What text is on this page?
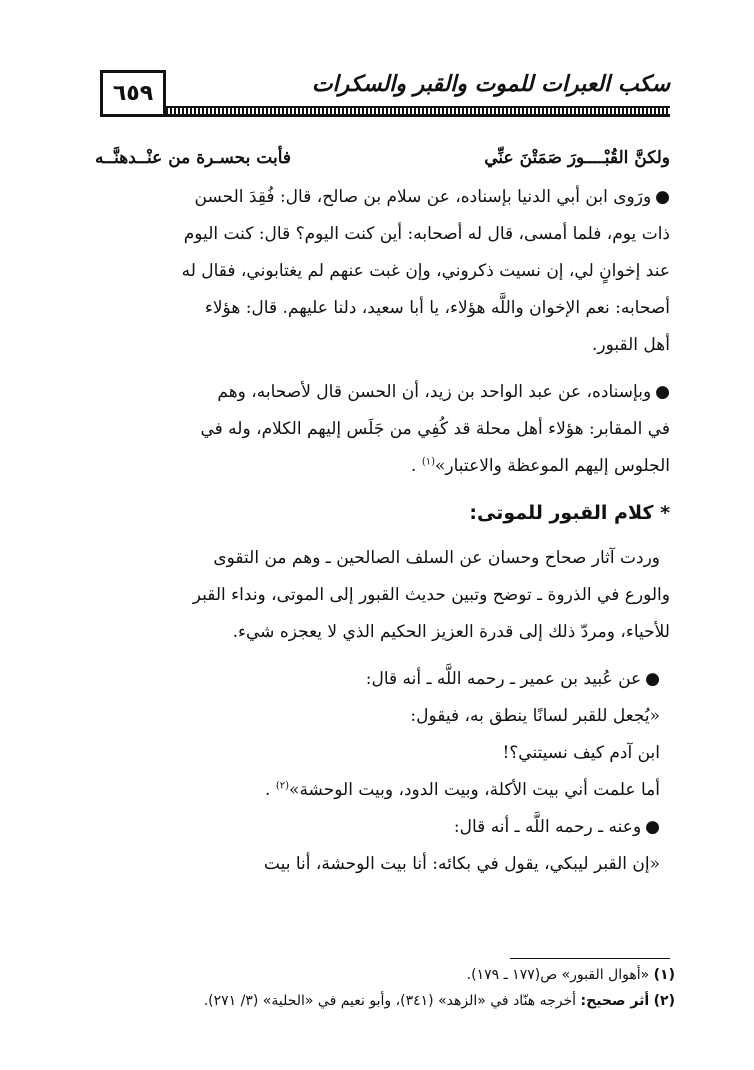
٦٥٩	سكب العبرات للموت والقبر والسكرات
ولكنَّ القُبْــــورَ صَمَتْنَ عنِّي
فأبت بحسـرة من عنْــدهنَّــه
●ورَوى ابن أبي الدنيا بإسناده، عن سلام بن صالح، قال: فُقِدَ الحسن
ذات يوم، فلما أمسى، قال له أصحابه: أين كنت اليوم؟ قال: كنت اليوم
عند إخوانٍ لي، إن نسيت ذكروني، وإن غبت عنهم لم يغتابوني، فقال له
أصحابه: نعم الإخوان واللَّه هؤلاء، يا أبا سعيد، دلنا عليهم. قال: هؤلاء
أهل القبور.
●وبإسناده، عن عبد الواحد بن زيد، أن الحسن قال لأصحابه، وهم
في المقابر: هؤلاء أهل محلة قد كُفِي من جَلَس إليهم الكلام، وله في
الجلوس إليهم الموعظة والاعتبار»$^{(١)}$ .
* كلام القبور للموتى:
وردت آثار صحاح وحسان عن السلف الصالحين ـ وهم من التقوى
والورع في الذروة ـ توضح وتبين حديث القبور إلى الموتى، ونداء القبر
للأحياء، ومردّ ذلك إلى قدرة العزيز الحكيم الذي لا يعجزه شيء.
●عن عُبيد بن عمير ـ رحمه اللَّه ـ أنه قال:
«يُجعل للقبر لسانًا ينطق به، فيقول:
ابن آدم كيف نسيتني؟!
أما علمت أني بيت الأكلة، وبيت الدود، وبيت الوحشة»$^{(٢)}$ .
●وعنه ـ رحمه اللَّه ـ أنه قال:
«إن القبر ليبكي، يقول في بكائه: أنا بيت الوحشة، أنا بيت
(١) «أهوال القبور» ص(١٧٧ ـ ١٧٩).
(٢) أثر صحيح: أخرجه هنّاد في «الزهد» (٣٤١)، وأبو نعيم في «الحلية» (٣/ ٢٧١).
